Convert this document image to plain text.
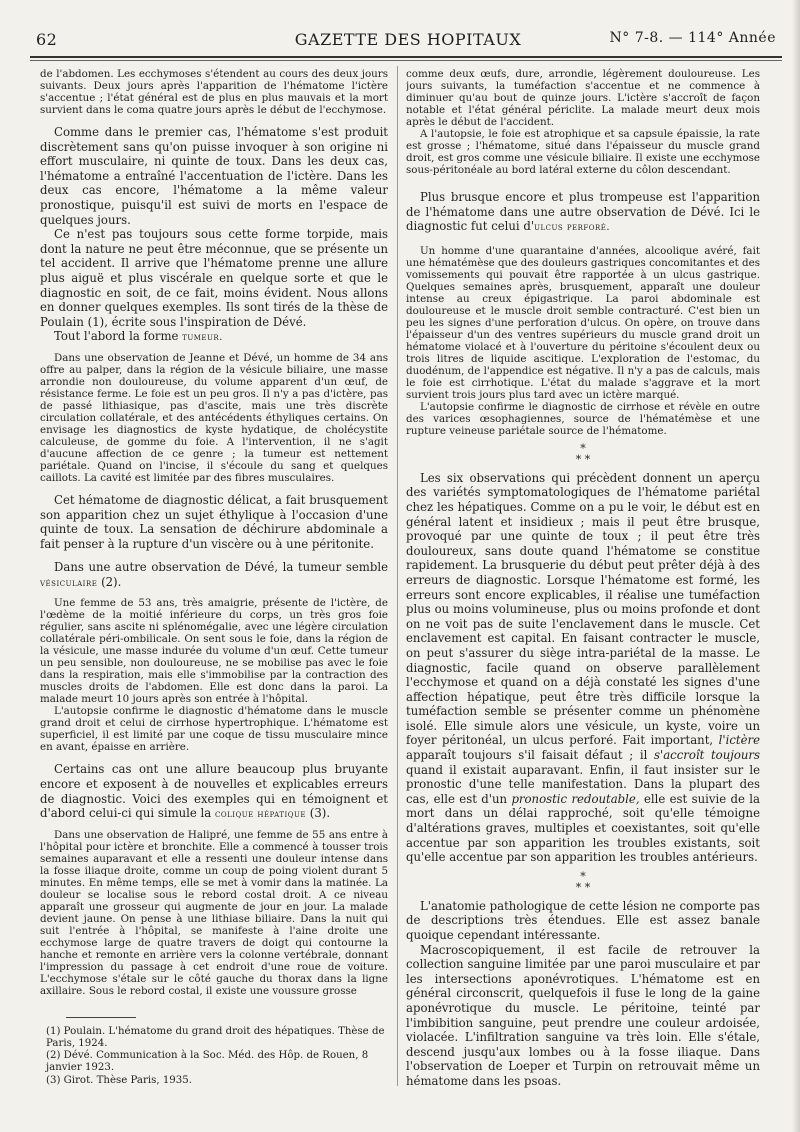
62	GAZETTE DES HOPITAUX	N° 7-8. — 114° Année

de l'abdomen. Les ecchymoses s'étendent au cours des deux jours suivants. Deux jours après l'apparition de l'hématome l'ictère s'accentue ; l'état général est de plus en plus mauvais et la mort survient dans le coma quatre jours après le début de l'ecchymose.

Comme dans le premier cas, l'hématome s'est produit discrètement sans qu'on puisse invoquer à son origine ni effort musculaire, ni quinte de toux. Dans les deux cas, l'hématome a entraîné l'accentuation de l'ictère. Dans les deux cas encore, l'hématome a la même valeur pronostique, puisqu'il est suivi de morts en l'espace de quelques jours.

Ce n'est pas toujours sous cette forme torpide, mais dont la nature ne peut être méconnue, que se présente un tel accident. Il arrive que l'hématome prenne une allure plus aiguë et plus viscérale en quelque sorte et que le diagnostic en soit, de ce fait, moins évident. Nous allons en donner quelques exemples. Ils sont tirés de la thèse de Poulain (1), écrite sous l'inspiration de Dévé.

Tout l'abord la forme tumeur.

Dans une observation de Jeanne et Dévé, un homme de 34 ans offre au palper, dans la région de la vésicule biliaire, une masse arrondie non douloureuse, du volume apparent d'un œuf, de résistance ferme. Le foie est un peu gros. Il n'y a pas d'ictère, pas de passé lithiasique, pas d'ascite, mais une très discrète circulation collatérale, et des antécédents éthyliques certains. On envisage les diagnostics de kyste hydatique, de cholécystite calculeuse, de gomme du foie. A l'intervention, il ne s'agit d'aucune affection de ce genre ; la tumeur est nettement pariétale. Quand on l'incise, il s'écoule du sang et quelques caillots. La cavité est limitée par des fibres musculaires.

Cet hématome de diagnostic délicat, a fait brusquement son apparition chez un sujet éthylique à l'occasion d'une quinte de toux. La sensation de déchirure abdominale a fait penser à la rupture d'un viscère ou à une péritonite.

Dans une autre observation de Dévé, la tumeur semble vésiculaire (2).

Une femme de 53 ans, très amaigrie, présente de l'ictère, de l'œdème de la moitié inférieure du corps, un très gros foie régulier, sans ascite ni splénomégalie, avec une légère circulation collatérale péri-ombilicale. On sent sous le foie, dans la région de la vésicule, une masse indurée du volume d'un œuf. Cette tumeur un peu sensible, non douloureuse, ne se mobilise pas avec le foie dans la respiration, mais elle s'immobilise par la contraction des muscles droits de l'abdomen. Elle est donc dans la paroi. La malade meurt 10 jours après son entrée à l'hôpital.

L'autopsie confirme le diagnostic d'hématome dans le muscle grand droit et celui de cirrhose hypertrophique. L'hématome est superficiel, il est limité par une coque de tissu musculaire mince en avant, épaisse en arrière.

Certains cas ont une allure beaucoup plus bruyante encore et exposent à de nouvelles et explicables erreurs de diagnostic. Voici des exemples qui en témoignent et d'abord celui-ci qui simule la colique hépatique (3).

Dans une observation de Halipré, une femme de 55 ans entre à l'hôpital pour ictère et bronchite. Elle a commencé à tousser trois semaines auparavant et elle a ressenti une douleur intense dans la fosse iliaque droite, comme un coup de poing violent durant 5 minutes. En même temps, elle se met à vomir dans la matinée. La douleur se localise sous le rebord costal droit. A ce niveau apparaît une grosseur qui augmente de jour en jour. La malade devient jaune. On pense à une lithiase biliaire. Dans la nuit qui suit l'entrée à l'hôpital, se manifeste à l'aine droite une ecchymose large de quatre travers de doigt qui contourne la hanche et remonte en arrière vers la colonne vertébrale, donnant l'impression du passage à cet endroit d'une roue de voiture. L'ecchymose s'étale sur le côté gauche du thorax dans la ligne axillaire. Sous le rebord costal, il existe une voussure grosse

(1) Poulain. L'hématome du grand droit des hépatiques. Thèse de Paris, 1924.

(2) Dévé. Communication à la Soc. Méd. des Hôp. de Rouen, 8 janvier 1923.

(3) Girot. Thèse Paris, 1935.

comme deux œufs, dure, arrondie, légèrement douloureuse. Les jours suivants, la tuméfaction s'accentue et ne commence à diminuer qu'au bout de quinze jours. L'ictère s'accroît de façon notable et l'état général périclite. La malade meurt deux mois après le début de l'accident.

A l'autopsie, le foie est atrophique et sa capsule épaissie, la rate est grosse ; l'hématome, situé dans l'épaisseur du muscle grand droit, est gros comme une vésicule biliaire. Il existe une ecchymose sous-péritonéale au bord latéral externe du côlon descendant.

Plus brusque encore et plus trompeuse est l'apparition de l'hématome dans une autre observation de Dévé. Ici le diagnostic fut celui d'ulcus perforé.

Un homme d'une quarantaine d'années, alcoolique avéré, fait une hématémèse que des douleurs gastriques concomitantes et des vomissements qui pouvait être rapportée à un ulcus gastrique. Quelques semaines après, brusquement, apparaît une douleur intense au creux épigastrique. La paroi abdominale est douloureuse et le muscle droit semble contracturé. C'est bien un peu les signes d'une perforation d'ulcus. On opère, on trouve dans l'épaisseur d'un des ventres supérieurs du muscle grand droit un hématome violacé et à l'ouverture du péritoine s'écoulent deux ou trois litres de liquide ascitique. L'exploration de l'estomac, du duodénum, de l'appendice est négative. Il n'y a pas de calculs, mais le foie est cirrhotique. L'état du malade s'aggrave et la mort survient trois jours plus tard avec un ictère marqué.

L'autopsie confirme le diagnostic de cirrhose et révèle en outre des varices œsophagiennes, source de l'hématémèse et une rupture veineuse pariétale source de l'hématome.

*
* *

Les six observations qui précèdent donnent un aperçu des variétés symptomatologiques de l'hématome pariétal chez les hépatiques. Comme on a pu le voir, le début est en général latent et insidieux ; mais il peut être brusque, provoqué par une quinte de toux ; il peut être très douloureux, sans doute quand l'hématome se constitue rapidement. La brusquerie du début peut prêter déjà à des erreurs de diagnostic. Lorsque l'hématome est formé, les erreurs sont encore explicables, il réalise une tuméfaction plus ou moins volumineuse, plus ou moins profonde et dont on ne voit pas de suite l'enclavement dans le muscle. Cet enclavement est capital. En faisant contracter le muscle, on peut s'assurer du siège intra-pariétal de la masse. Le diagnostic, facile quand on observe parallèlement l'ecchymose et quand on a déjà constaté les signes d'une affection hépatique, peut être très difficile lorsque la tuméfaction semble se présenter comme un phénomène isolé. Elle simule alors une vésicule, un kyste, voire un foyer péritonéal, un ulcus perforé. Fait important, l'ictère apparaît toujours s'il faisait défaut ; il s'accroît toujours quand il existait auparavant. Enfin, il faut insister sur le pronostic d'une telle manifestation. Dans la plupart des cas, elle est d'un pronostic redoutable, elle est suivie de la mort dans un délai rapproché, soit qu'elle témoigne d'altérations graves, multiples et coexistantes, soit qu'elle accentue par son apparition les troubles existants, soit qu'elle accentue par son apparition les troubles antérieurs.

*
* *

L'anatomie pathologique de cette lésion ne comporte pas de descriptions très étendues. Elle est assez banale quoique cependant intéressante.

Macroscopiquement, il est facile de retrouver la collection sanguine limitée par une paroi musculaire et par les intersections aponévrotiques. L'hématome est en général circonscrit, quelquefois il fuse le long de la gaine aponévrotique du muscle. Le péritoine, teinté par l'imbibition sanguine, peut prendre une couleur ardoisée, violacée. L'infiltration sanguine va très loin. Elle s'étale, descend jusqu'aux lombes ou à la fosse iliaque. Dans l'observation de Loeper et Turpin on retrouvait même un hématome dans les psoas.
